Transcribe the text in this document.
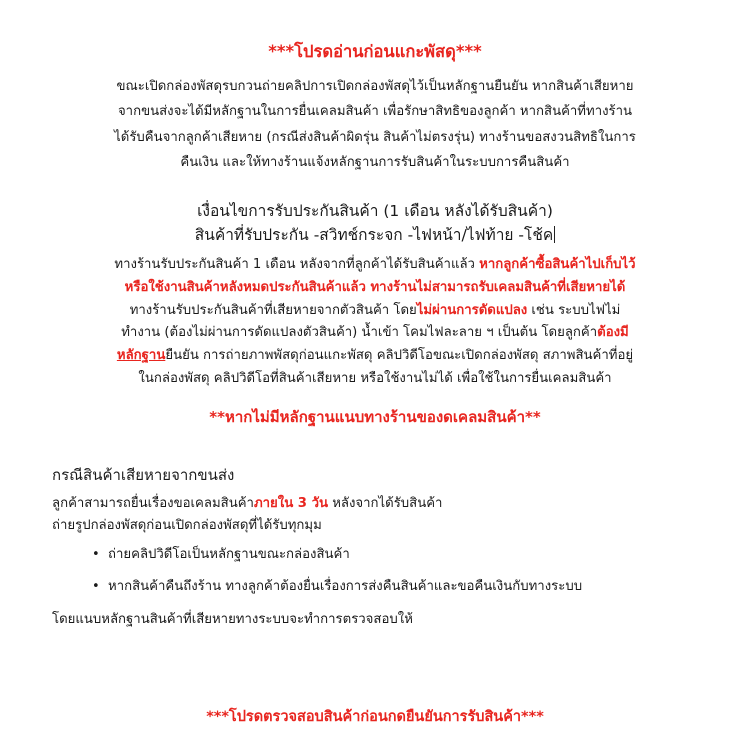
***โปรดอ่านก่อนแกะพัสดุ***
ขณะเปิดกล่องพัสดุรบกวนถ่ายคลิปการเปิดกล่องพัสดุไว้เป็นหลักฐานยืนยัน หากสินค้าเสียหาย
จากขนส่งจะได้มีหลักฐานในการยื่นเคลมสินค้า เพื่อรักษาสิทธิของลูกค้า หากสินค้าที่ทางร้าน
ได้รับคืนจากลูกค้าเสียหาย (กรณีส่งสินค้าผิดรุ่น สินค้าไม่ตรงรุ่น) ทางร้านขอสงวนสิทธิในการ
คืนเงิน และให้ทางร้านแจ้งหลักฐานการรับสินค้าในระบบการคืนสินค้า
เงื่อนไขการรับประกันสินค้า (1 เดือน หลังได้รับสินค้า)
สินค้าที่รับประกัน -สวิทช์กระจก -ไฟหน้า/ไฟท้าย -โช้ค
ทางร้านรับประกันสินค้า 1 เดือน หลังจากที่ลูกค้าได้รับสินค้าแล้ว หากลูกค้าซื้อสินค้าไปเก็บไว้
หรือใช้งานสินค้าหลังหมดประกันสินค้าแล้ว ทางร้านไม่สามารถรับเคลมสินค้าที่เสียหายได้
ทางร้านรับประกันสินค้าที่เสียหายจากตัวสินค้า โดยไม่ผ่านการดัดแปลง เช่น ระบบไฟไม่
ทำงาน (ต้องไม่ผ่านการดัดแปลงตัวสินค้า) น้ำเข้า โคมไฟละลาย ฯ เป็นต้น โดยลูกค้าต้องมี
หลักฐานยืนยัน การถ่ายภาพพัสดุก่อนแกะพัสดุ คลิปวิดีโอขณะเปิดกล่องพัสดุ สภาพสินค้าที่อยู่
ในกล่องพัสดุ คลิปวิดีโอที่สินค้าเสียหาย หรือใช้งานไม่ได้ เพื่อใช้ในการยื่นเคลมสินค้า
**หากไม่มีหลักฐานแนบทางร้านของดเคลมสินค้า**
กรณีสินค้าเสียหายจากขนส่ง
ลูกค้าสามารถยื่นเรื่องขอเคลมสินค้าภายใน 3 วัน หลังจากได้รับสินค้า
ถ่ายรูปกล่องพัสดุก่อนเปิดกล่องพัสดุที่ได้รับทุกมุม
• ถ่ายคลิปวิดีโอเป็นหลักฐานขณะกล่องสินค้า
• หากสินค้าคืนถึงร้าน ทางลูกค้าต้องยื่นเรื่องการส่งคืนสินค้าและขอคืนเงินกับทางระบบ
โดยแนบหลักฐานสินค้าที่เสียหายทางระบบจะทำการตรวจสอบให้
***โปรดตรวจสอบสินค้าก่อนกดยืนยันการรับสินค้า***
